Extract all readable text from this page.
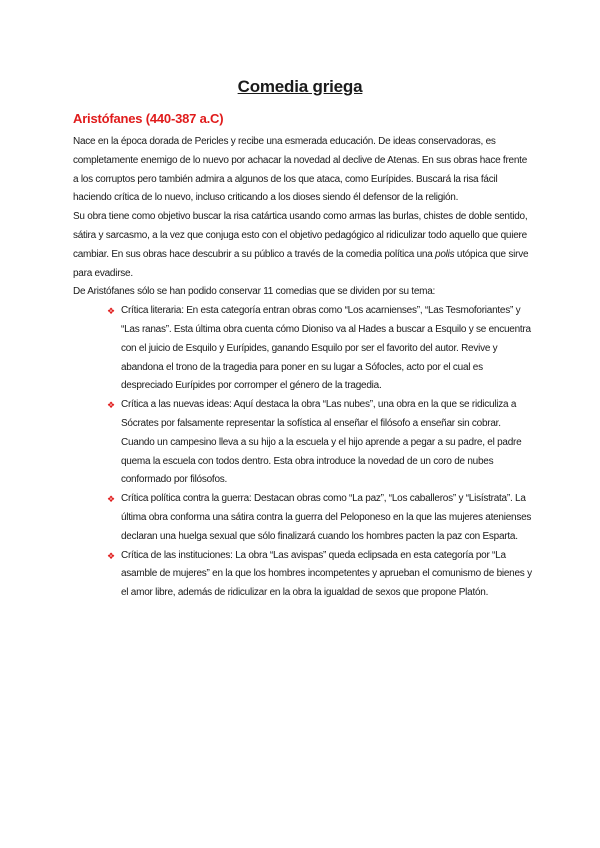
Comedia griega
Aristófanes (440-387 a.C)

Nace en la época dorada de Pericles y recibe una esmerada educación. De ideas conservadoras, es completamente enemigo de lo nuevo por achacar la novedad al declive de Atenas. En sus obras hace frente a los corruptos pero también admira a algunos de los que ataca, como Eurípides. Buscará la risa fácil haciendo crítica de lo nuevo, incluso criticando a los dioses siendo él defensor de la religión.

Su obra tiene como objetivo buscar la risa catártica usando como armas las burlas, chistes de doble sentido, sátira y sarcasmo, a la vez que conjuga esto con el objetivo pedagógico al ridiculizar todo aquello que quiere cambiar. En sus obras hace descubrir a su público a través de la comedia política una polis utópica que sirve para evadirse.

De Aristófanes sólo se han podido conservar 11 comedias que se dividen por su tema:

❖ Crítica literaria: En esta categoría entran obras como “Los acarnienses”, “Las Tesmoforiantes” y “Las ranas”. Esta última obra cuenta cómo Dioniso va al Hades a buscar a Esquilo y se encuentra con el juicio de Esquilo y Eurípides, ganando Esquilo por ser el favorito del autor. Revive y abandona el trono de la tragedia para poner en su lugar a Sófocles, acto por el cual es despreciado Eurípides por corromper el género de la tragedia.
❖ Crítica a las nuevas ideas: Aquí destaca la obra “Las nubes”, una obra en la que se ridiculiza a Sócrates por falsamente representar la sofística al enseñar el filósofo a enseñar sin cobrar. Cuando un campesino lleva a su hijo a la escuela y el hijo aprende a pegar a su padre, el padre quema la escuela con todos dentro. Esta obra introduce la novedad de un coro de nubes conformado por filósofos.
❖ Crítica política contra la guerra: Destacan obras como “La paz”, “Los caballeros” y “Lisístrata”. La última obra conforma una sátira contra la guerra del Peloponeso en la que las mujeres atenienses declaran una huelga sexual que sólo finalizará cuando los hombres pacten la paz con Esparta.
❖ Crítica de las instituciones: La obra “Las avispas” queda eclipsada en esta categoría por “La asamble de mujeres” en la que los hombres incompetentes y aprueban el comunismo de bienes y el amor libre, además de ridiculizar en la obra la igualdad de sexos que propone Platón.
